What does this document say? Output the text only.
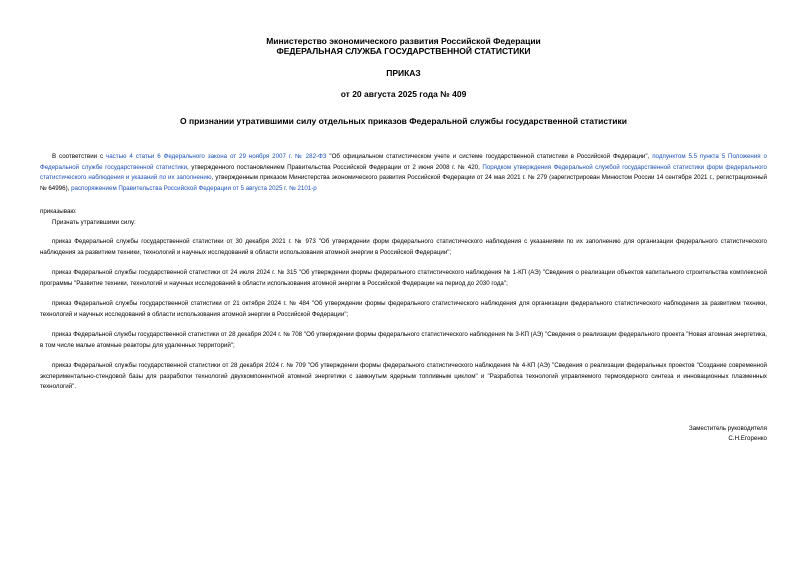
Министерство экономического развития Российской Федерации
ФЕДЕРАЛЬНАЯ СЛУЖБА ГОСУДАРСТВЕННОЙ СТАТИСТИКИ
ПРИКАЗ
от 20 августа 2025 года № 409
О признании утратившими силу отдельных приказов Федеральной службы государственной статистики

В соответствии с частью 4 статьи 6 Федерального закона от 29 ноября 2007 г. № 282-ФЗ "Об официальном статистическом учете и системе государственной статистики в Российской Федерации", подпунктом 5.5 пункта 5 Положения о Федеральной службе государственной статистики, утвержденного постановлением Правительства Российской Федерации от 2 июня 2008 г. № 420, Порядком утверждения Федеральной службой государственной статистики форм федерального статистического наблюдения и указаний по их заполнению, утвержденным приказом Министерства экономического развития Российской Федерации от 24 мая 2021 г. № 279 (зарегистрирован Минюстом России 14 сентября 2021 г., регистрационный № 64996), распоряжением Правительства Российской Федерации от 5 августа 2025 г. № 2101-р

приказываю:

Признать утратившими силу:

приказ Федеральной службы государственной статистики от 30 декабря 2021 г. № 973 "Об утверждении форм федерального статистического наблюдения с указаниями по их заполнению для организации федерального статистического наблюдения за развитием техники, технологий и научных исследований в области использования атомной энергии в Российской Федерации";

приказ Федеральной службы государственной статистики от 24 июля 2024 г. № 315 "Об утверждении формы федерального статистического наблюдения № 1-КП (АЭ) "Сведения о реализации объектов капитального строительства комплексной программы "Развитие техники, технологий и научных исследований в области использования атомной энергии в Российской Федерации на период до 2030 года";

приказ Федеральной службы государственной статистики от 21 октября 2024 г. № 484 "Об утверждении формы федерального статистического наблюдения для организации федерального статистического наблюдения за развитием техники, технологий и научных исследований в области использования атомной энергии в Российской Федерации";

приказ Федеральной службы государственной статистики от 28 декабря 2024 г. № 708 "Об утверждении формы федерального статистического наблюдения № 3-КП (АЭ) "Сведения о реализации федерального проекта "Новая атомная энергетика, в том числе малые атомные реакторы для удаленных территорий";

приказ Федеральной службы государственной статистики от 28 декабря 2024 г. № 709 "Об утверждении формы федерального статистического наблюдения № 4-КП (АЭ) "Сведения о реализации федеральных проектов "Создание современной экспериментально-стендовой базы для разработки технологий двухкомпонентной атомной энергетики с замкнутым ядерным топливным циклом" и "Разработка технологий управляемого термоядерного синтеза и инновационных плазменных технологий".

Заместитель руководителя
С.Н.Егоренко
